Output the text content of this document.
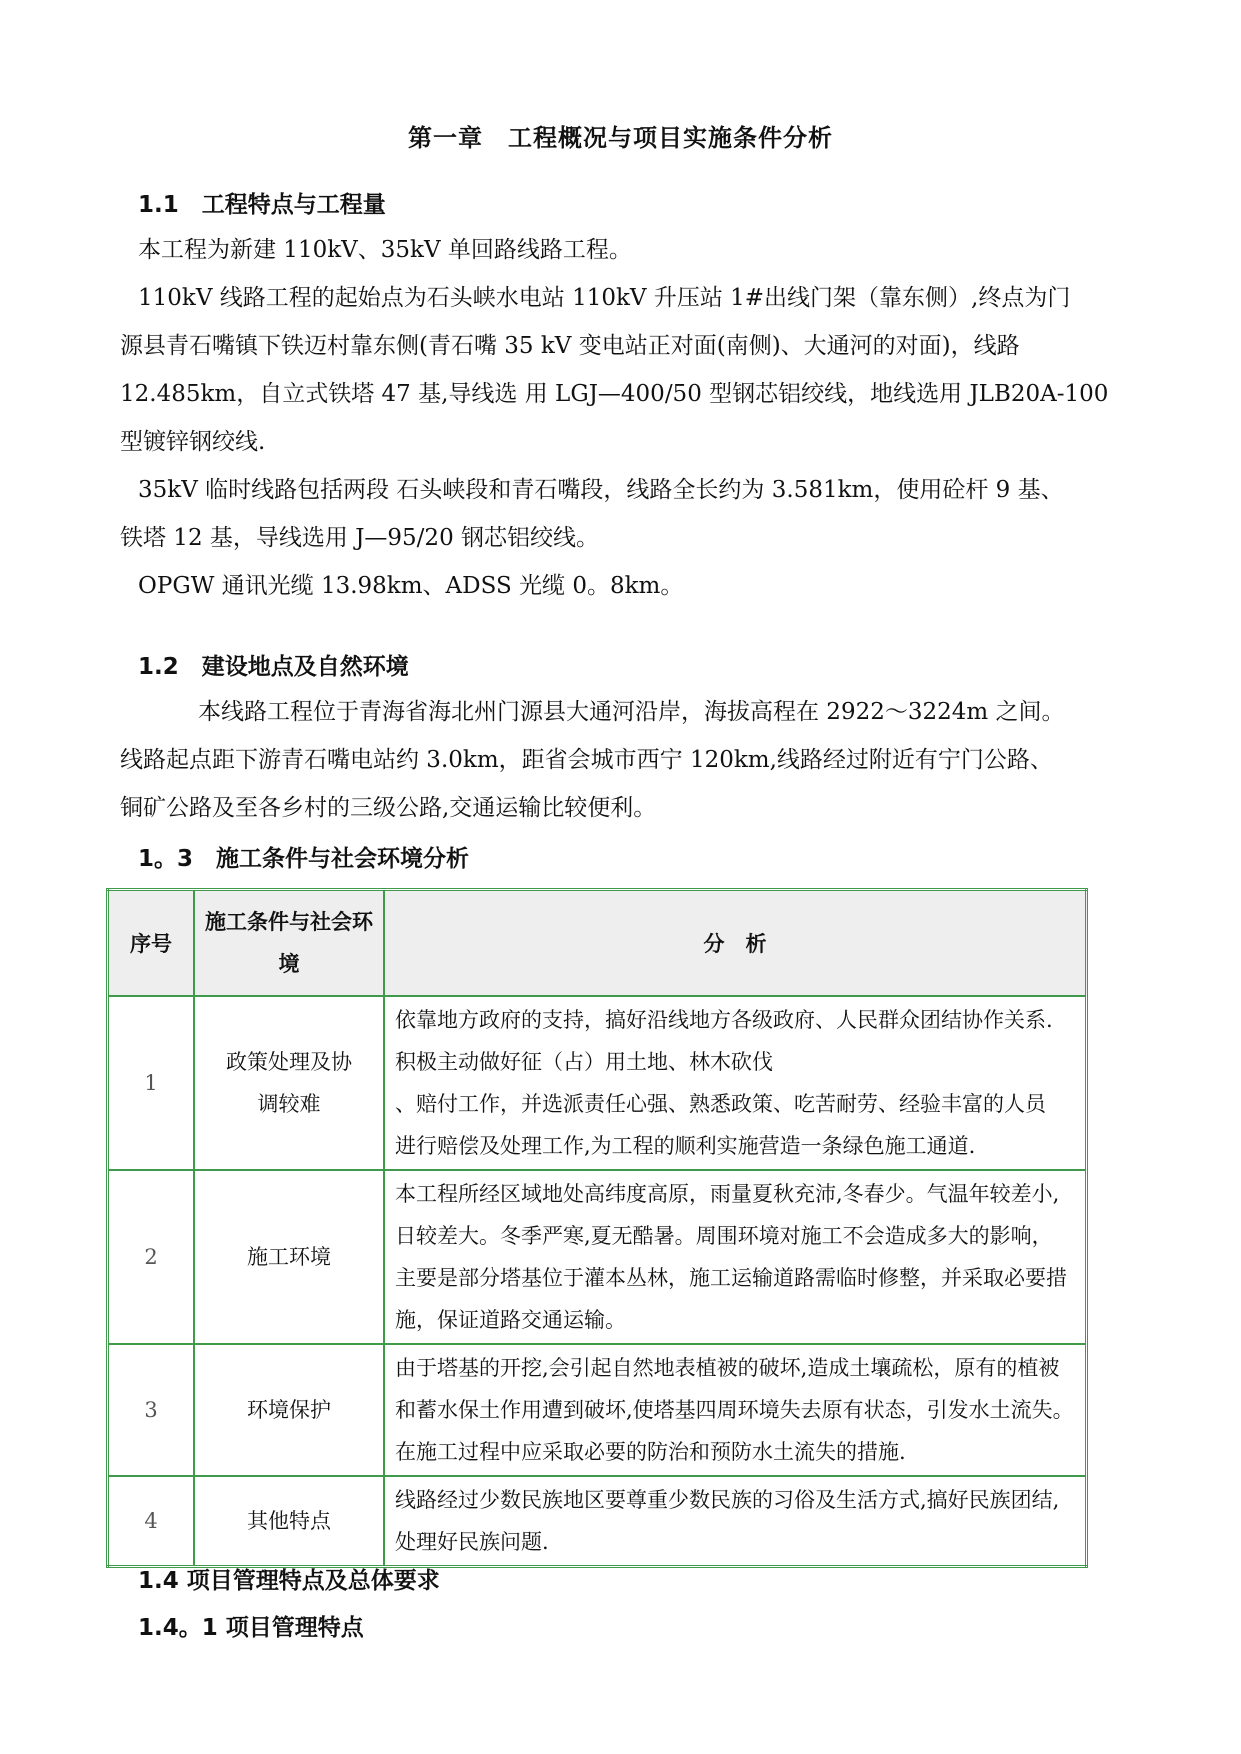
第一章　工程概况与项目实施条件分析
1.1　工程特点与工程量
本工程为新建 110kV、35kV 单回路线路工程。
110kV 线路工程的起始点为石头峡水电站 110kV 升压站 1#出线门架（靠东侧）,终点为门
源县青石嘴镇下铁迈村靠东侧(青石嘴 35 kV 变电站正对面(南侧)、大通河的对面)，线路
12.485km，自立式铁塔 47 基,导线选 用 LGJ—400/50 型钢芯铝绞线，地线选用 JLB20A-100
型镀锌钢绞线.
35kV 临时线路包括两段 石头峡段和青石嘴段，线路全长约为 3.581km，使用砼杆 9 基、
铁塔 12 基，导线选用 J—95/20 钢芯铝绞线。
OPGW 通讯光缆 13.98km、ADSS 光缆 0。8km。
1.2　建设地点及自然环境
本线路工程位于青海省海北州门源县大通河沿岸，海拔高程在 2922～3224m 之间。
线路起点距下游青石嘴电站约 3.0km，距省会城市西宁 120km,线路经过附近有宁门公路、
铜矿公路及至各乡村的三级公路,交通运输比较便利。
1。3　施工条件与社会环境分析
序号	施工条件与社会环境	分　析
1	政策处理及协
调较难	依靠地方政府的支持，搞好沿线地方各级政府、人民群众团结协作关系.
积极主动做好征（占）用土地、林木砍伐
、赔付工作，并选派责任心强、熟悉政策、吃苦耐劳、经验丰富的人员
进行赔偿及处理工作,为工程的顺利实施营造一条绿色施工通道.

2	施工环境	本工程所经区域地处高纬度高原，雨量夏秋充沛,冬春少。气温年较差小,
日较差大。冬季严寒,夏无酷暑。周围环境对施工不会造成多大的影响，
主要是部分塔基位于灌本丛林，施工运输道路需临时修整，并采取必要措
施，保证道路交通运输。

3	环境保护	由于塔基的开挖,会引起自然地表植被的破坏,造成土壤疏松，原有的植被
和蓄水保土作用遭到破坏,使塔基四周环境失去原有状态，引发水土流失。
在施工过程中应采取必要的防治和预防水土流失的措施.

4	其他特点	线路经过少数民族地区要尊重少数民族的习俗及生活方式,搞好民族团结,
处理好民族问题.
1.4 项目管理特点及总体要求
1.4。1 项目管理特点
